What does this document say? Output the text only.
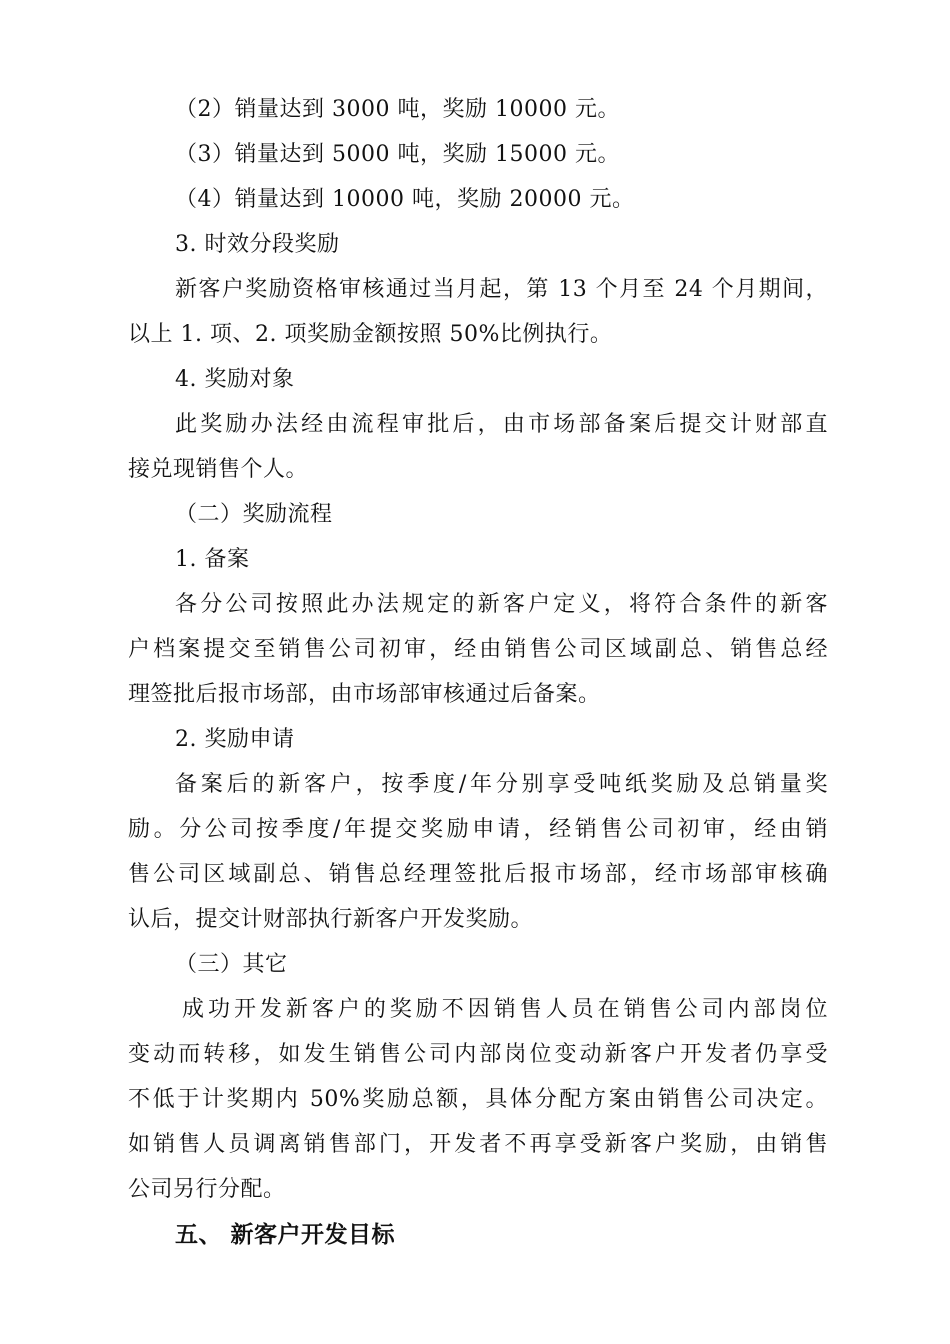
（2）销量达到 3000 吨，奖励 10000 元。
（3）销量达到 5000 吨，奖励 15000 元。
（4）销量达到 10000 吨，奖励 20000 元。
3. 时效分段奖励
新客户奖励资格审核通过当月起，第 13 个月至 24 个月期间，
以上 1. 项、2. 项奖励金额按照 50%比例执行。
4. 奖励对象
此奖励办法经由流程审批后，由市场部备案后提交计财部直
接兑现销售个人。
（二）奖励流程
1. 备案
各分公司按照此办法规定的新客户定义，将符合条件的新客
户档案提交至销售公司初审，经由销售公司区域副总、销售总经
理签批后报市场部，由市场部审核通过后备案。
2. 奖励申请
备案后的新客户，按季度/年分别享受吨纸奖励及总销量奖
励。分公司按季度/年提交奖励申请，经销售公司初审，经由销
售公司区域副总、销售总经理签批后报市场部，经市场部审核确
认后，提交计财部执行新客户开发奖励。
（三）其它
成功开发新客户的奖励不因销售人员在销售公司内部岗位
变动而转移，如发生销售公司内部岗位变动新客户开发者仍享受
不低于计奖期内 50%奖励总额，具体分配方案由销售公司决定。
如销售人员调离销售部门，开发者不再享受新客户奖励，由销售
公司另行分配。
五、 新客户开发目标
